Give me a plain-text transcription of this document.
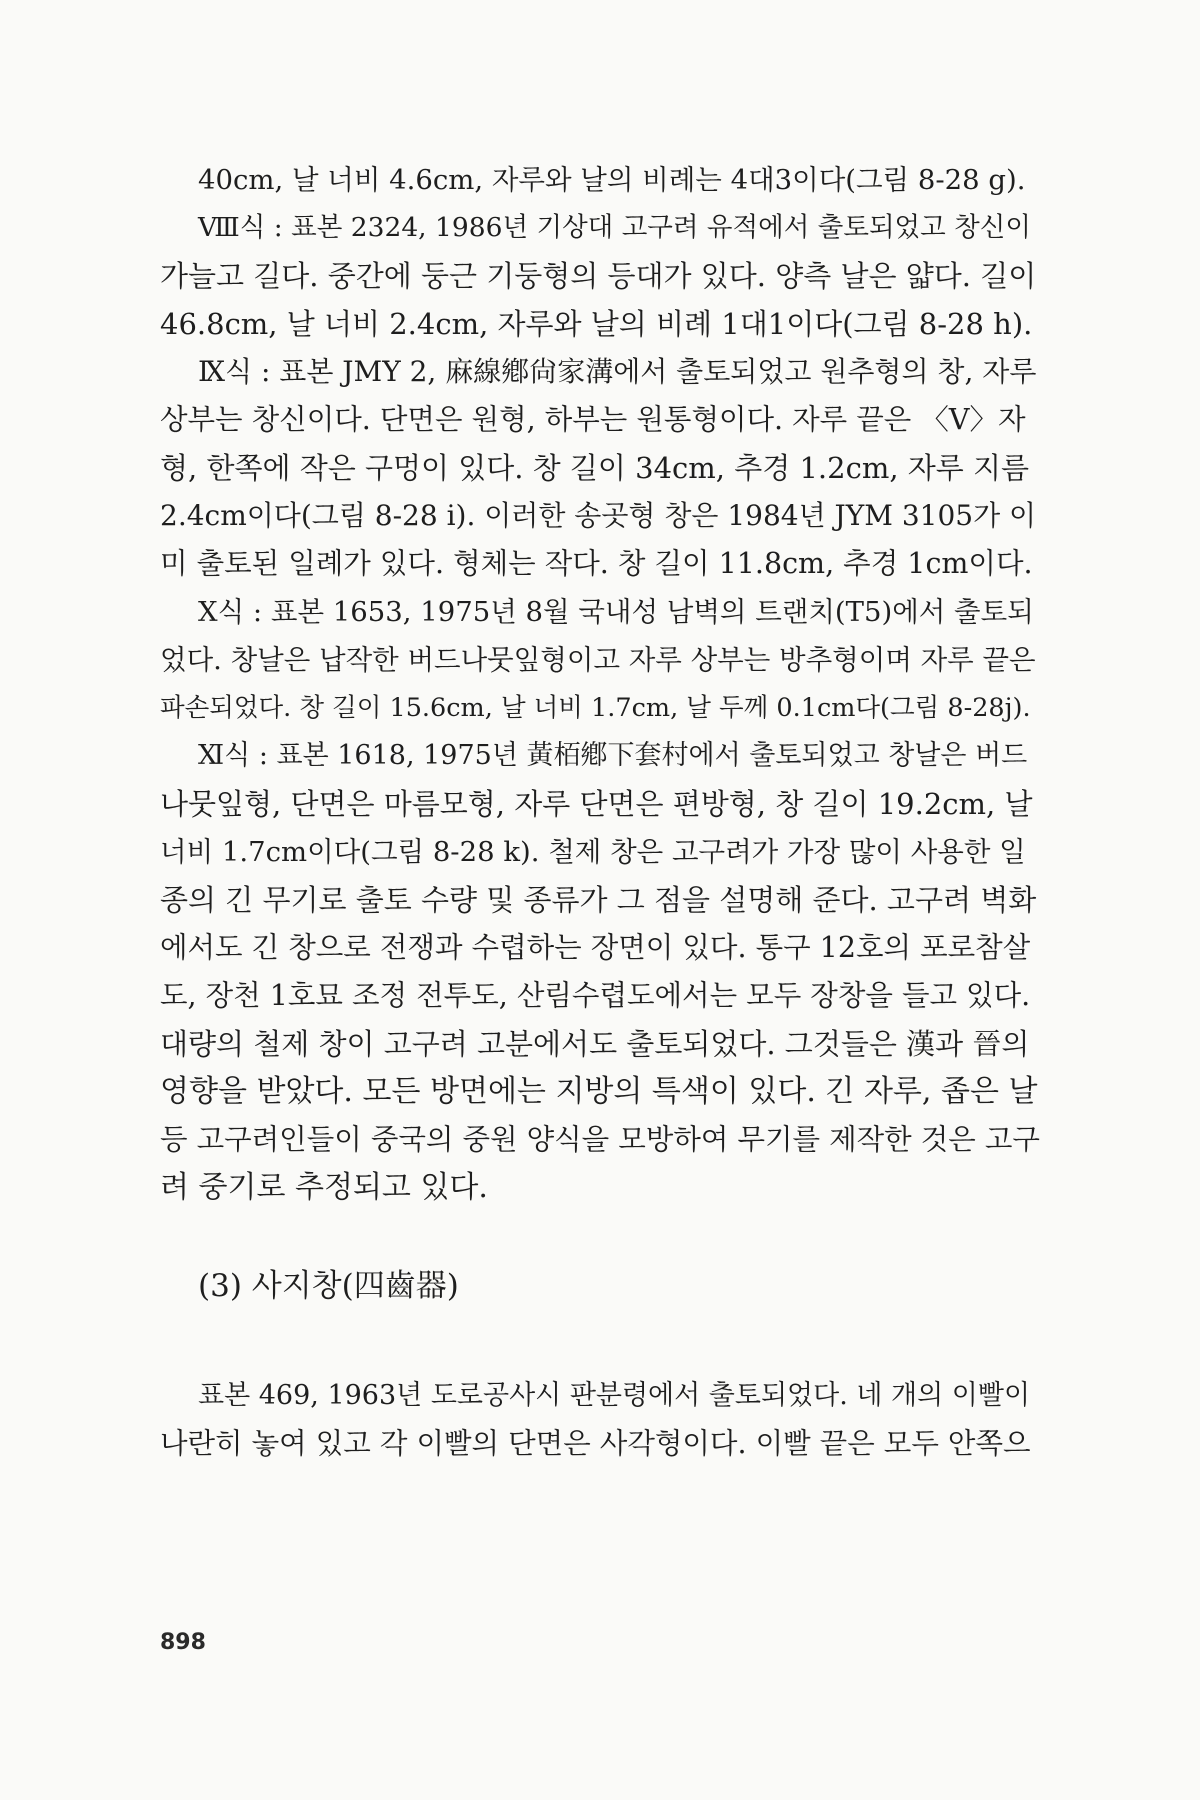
40cm, 날 너비 4.6cm, 자루와 날의 비례는 4대3이다(그림 8-28 g).
Ⅷ식 : 표본 2324, 1986년 기상대 고구려 유적에서 출토되었고 창신이
가늘고 길다. 중간에 둥근 기둥형의 등대가 있다. 양측 날은 얇다. 길이
46.8cm, 날 너비 2.4cm, 자루와 날의 비례 1대1이다(그림 8-28 h).
Ⅸ식 : 표본 JMY 2, 麻線鄕尙家溝에서 출토되었고 원추형의 창, 자루
상부는 창신이다. 단면은 원형, 하부는 원통형이다. 자루 끝은 〈V〉자
형, 한쪽에 작은 구멍이 있다. 창 길이 34cm, 추경 1.2cm, 자루 지름
2.4cm이다(그림 8-28 i). 이러한 송곳형 창은 1984년 JYM 3105가 이
미 출토된 일례가 있다. 형체는 작다. 창 길이 11.8cm, 추경 1cm이다.
Ⅹ식 : 표본 1653, 1975년 8월 국내성 남벽의 트랜치(T5)에서 출토되
었다. 창날은 납작한 버드나뭇잎형이고 자루 상부는 방추형이며 자루 끝은
파손되었다. 창 길이 15.6cm, 날 너비 1.7cm, 날 두께 0.1cm다(그림 8-28j).
Ⅺ식 : 표본 1618, 1975년 黃栢鄕下套村에서 출토되었고 창날은 버드
나뭇잎형, 단면은 마름모형, 자루 단면은 편방형, 창 길이 19.2cm, 날
너비 1.7cm이다(그림 8-28 k). 철제 창은 고구려가 가장 많이 사용한 일
종의 긴 무기로 출토 수량 및 종류가 그 점을 설명해 준다. 고구려 벽화
에서도 긴 창으로 전쟁과 수렵하는 장면이 있다. 통구 12호의 포로참살
도, 장천 1호묘 조정 전투도, 산림수렵도에서는 모두 장창을 들고 있다.
대량의 철제 창이 고구려 고분에서도 출토되었다. 그것들은 漢과 晉의
영향을 받았다. 모든 방면에는 지방의 특색이 있다. 긴 자루, 좁은 날
등 고구려인들이 중국의 중원 양식을 모방하여 무기를 제작한 것은 고구
려 중기로 추정되고 있다.
(3) 사지창(四齒器)
표본 469, 1963년 도로공사시 판분령에서 출토되었다. 네 개의 이빨이
나란히 놓여 있고 각 이빨의 단면은 사각형이다. 이빨 끝은 모두 안쪽으
898
